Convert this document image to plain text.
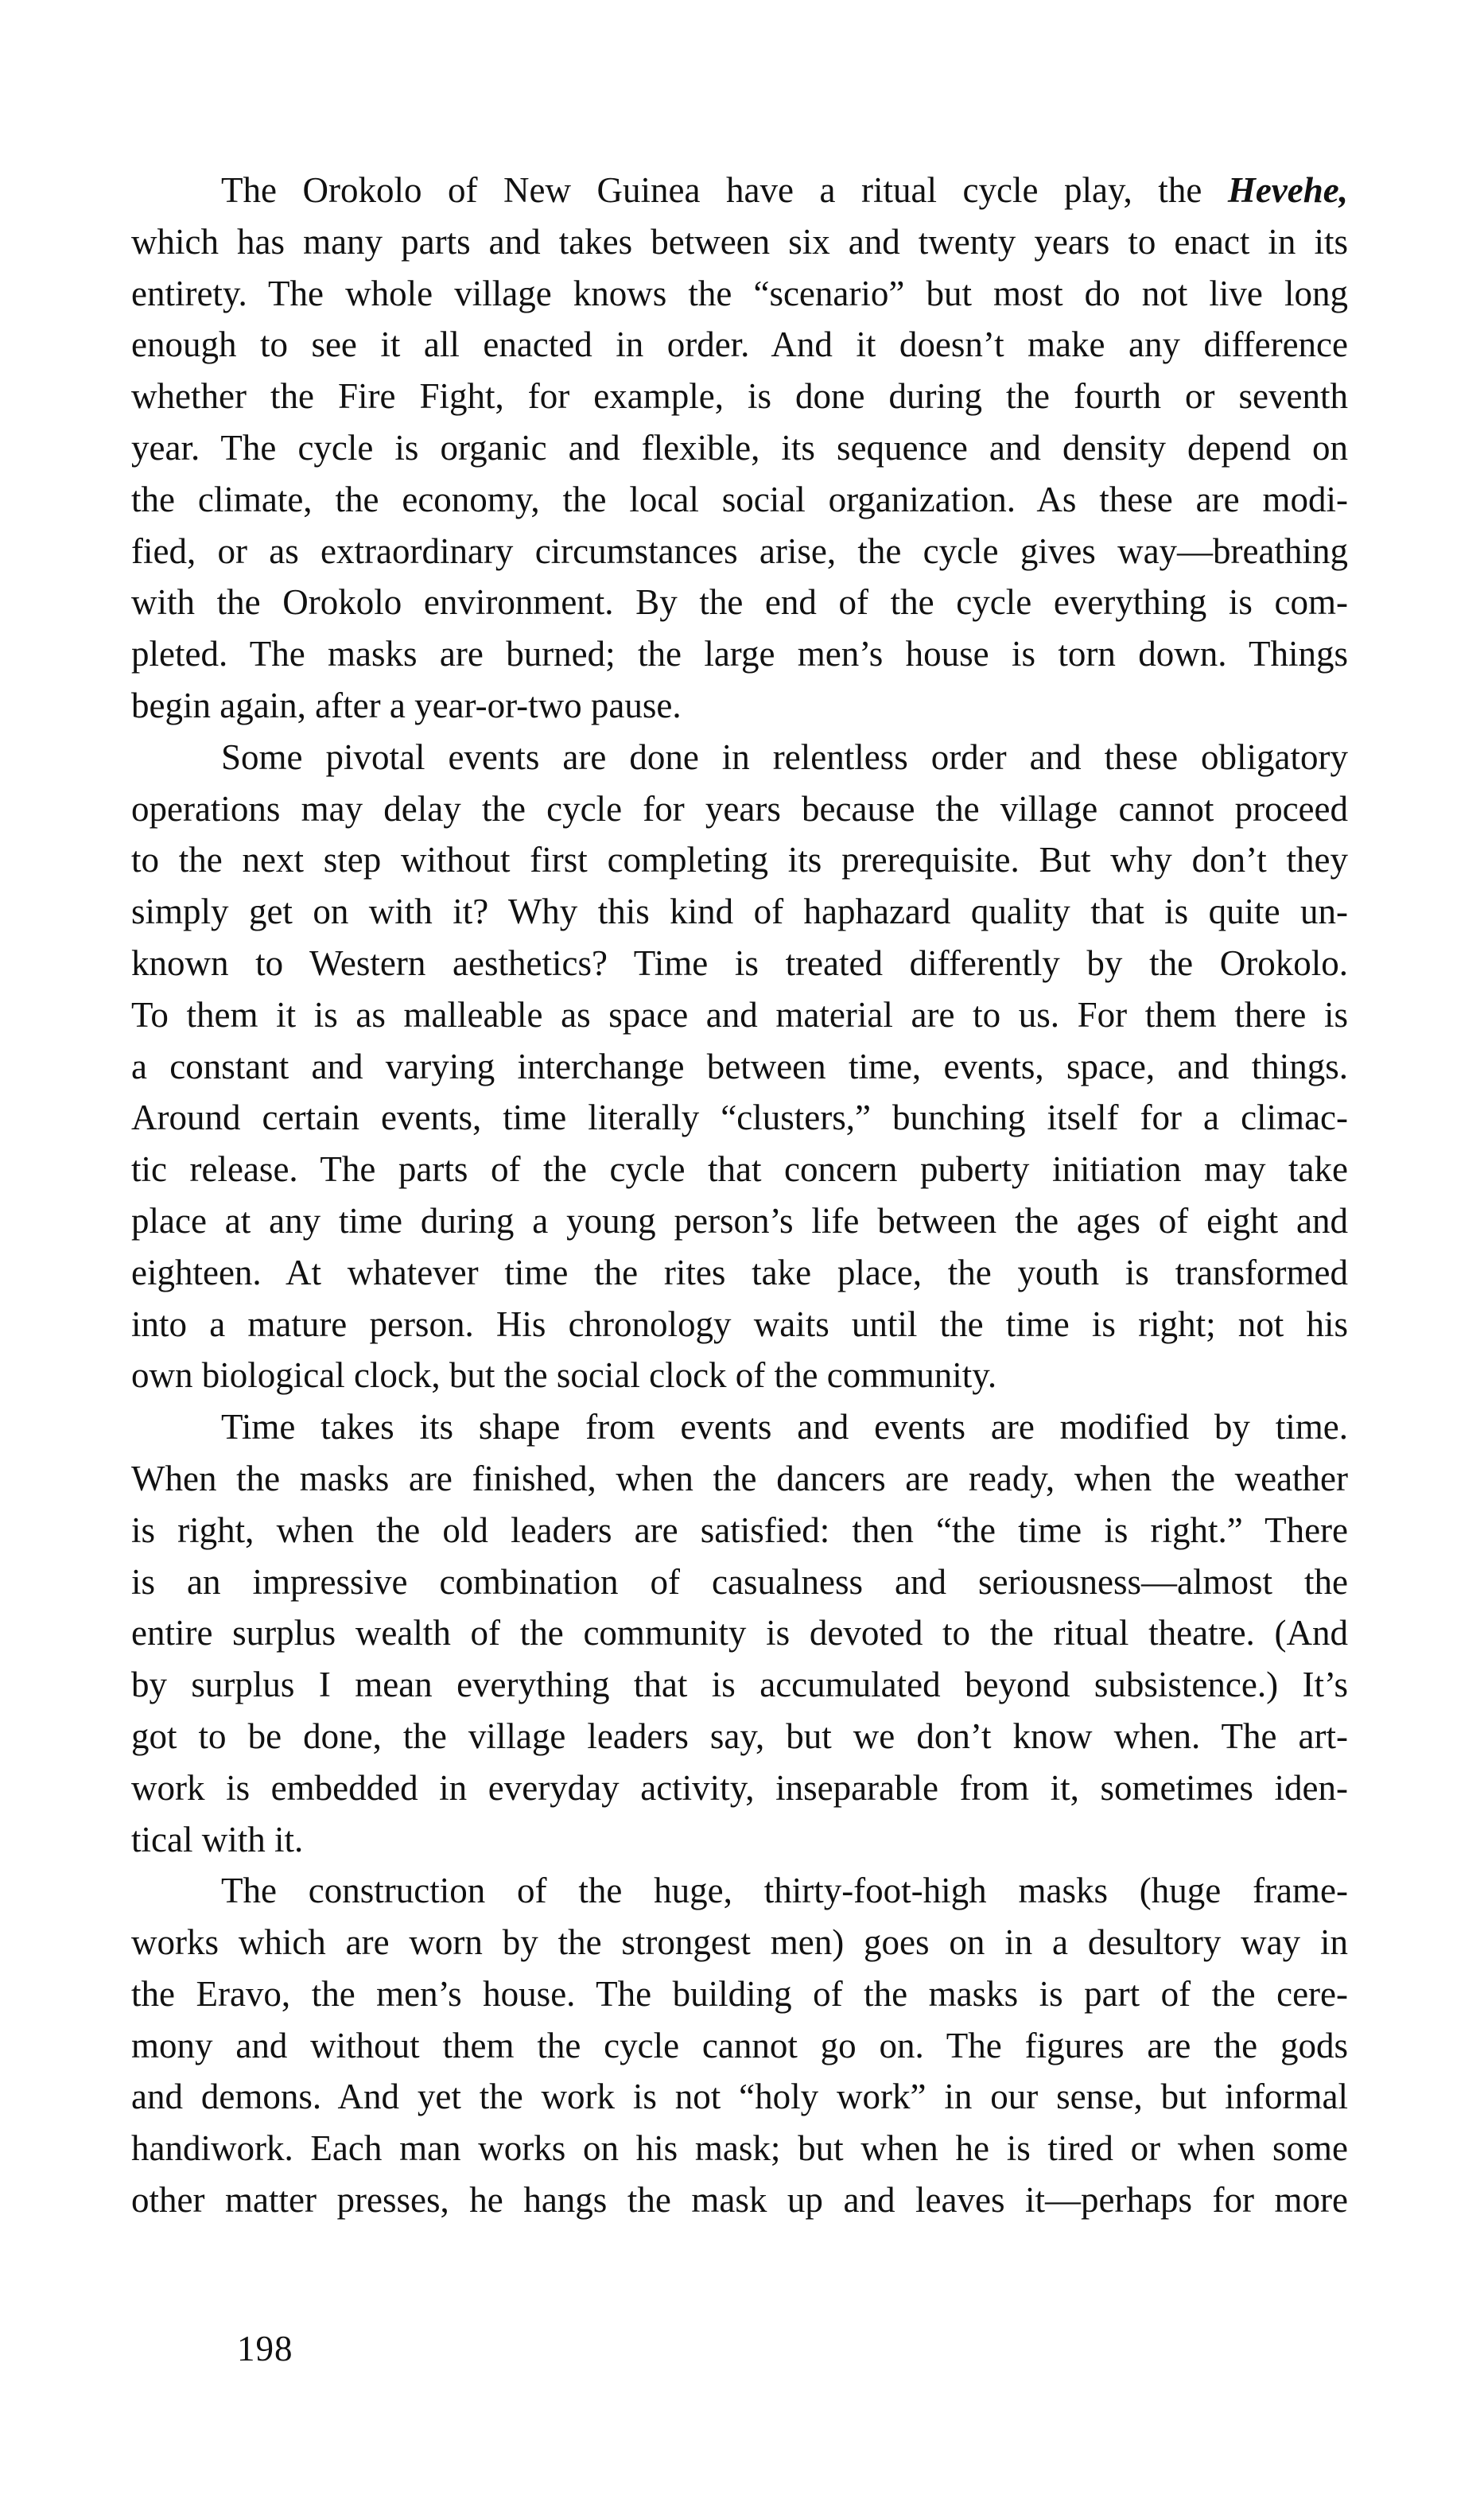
The Orokolo of New Guinea have a ritual cycle play, the Hevehe,
which has many parts and takes between six and twenty years to enact in its
entirety. The whole village knows the “scenario” but most do not live long
enough to see it all enacted in order. And it doesn’t make any difference
whether the Fire Fight, for example, is done during the fourth or seventh
year. The cycle is organic and flexible, its sequence and density depend on
the climate, the economy, the local social organization. As these are modi-
fied, or as extraordinary circumstances arise, the cycle gives way—breathing
with the Orokolo environment. By the end of the cycle everything is com-
pleted. The masks are burned; the large men’s house is torn down. Things
begin again, after a year-or-two pause.
Some pivotal events are done in relentless order and these obligatory
operations may delay the cycle for years because the village cannot proceed
to the next step without first completing its prerequisite. But why don’t they
simply get on with it? Why this kind of haphazard quality that is quite un-
known to Western aesthetics? Time is treated differently by the Orokolo.
To them it is as malleable as space and material are to us. For them there is
a constant and varying interchange between time, events, space, and things.
Around certain events, time literally “clusters,” bunching itself for a climac-
tic release. The parts of the cycle that concern puberty initiation may take
place at any time during a young person’s life between the ages of eight and
eighteen. At whatever time the rites take place, the youth is transformed
into a mature person. His chronology waits until the time is right; not his
own biological clock, but the social clock of the community.
Time takes its shape from events and events are modified by time.
When the masks are finished, when the dancers are ready, when the weather
is right, when the old leaders are satisfied: then “the time is right.” There
is an impressive combination of casualness and seriousness—almost the
entire surplus wealth of the community is devoted to the ritual theatre. (And
by surplus I mean everything that is accumulated beyond subsistence.) It’s
got to be done, the village leaders say, but we don’t know when. The art-
work is embedded in everyday activity, inseparable from it, sometimes iden-
tical with it.
The construction of the huge, thirty-foot-high masks (huge frame-
works which are worn by the strongest men) goes on in a desultory way in
the Eravo, the men’s house. The building of the masks is part of the cere-
mony and without them the cycle cannot go on. The figures are the gods
and demons. And yet the work is not “holy work” in our sense, but informal
handiwork. Each man works on his mask; but when he is tired or when some
other matter presses, he hangs the mask up and leaves it—perhaps for more
198
